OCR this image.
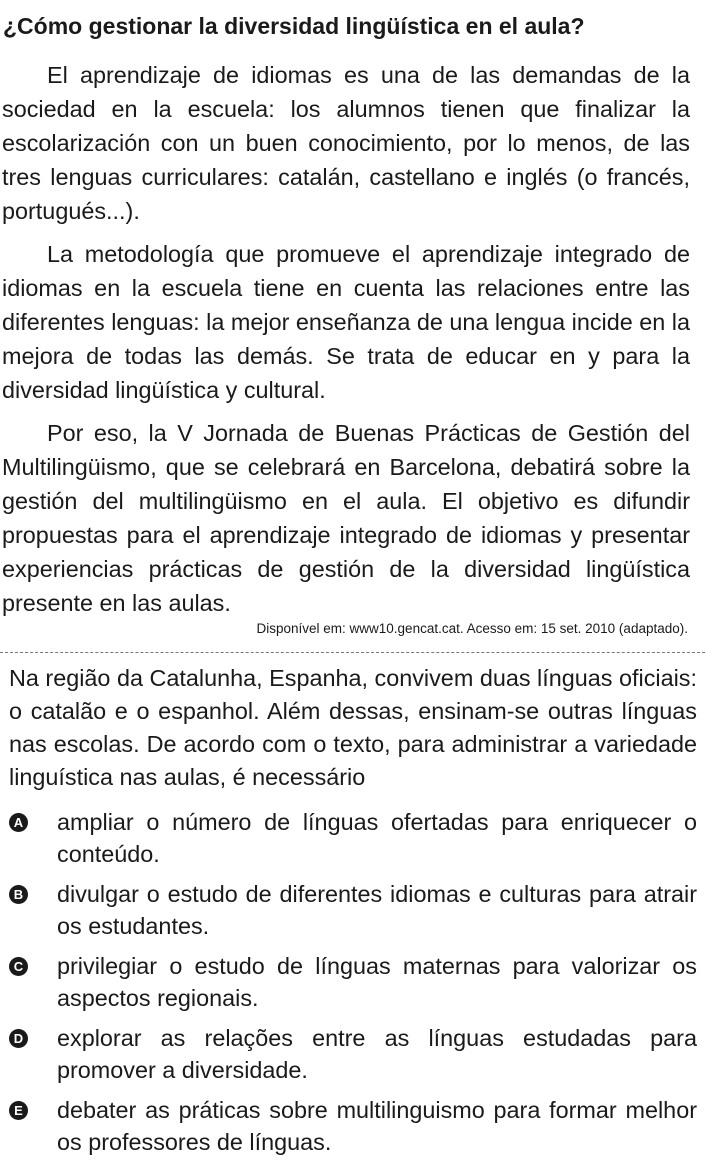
¿Cómo gestionar la diversidad lingüística en el aula?

El aprendizaje de idiomas es una de las demandas de la sociedad en la escuela: los alumnos tienen que finalizar la escolarización con un buen conocimiento, por lo menos, de las tres lenguas curriculares: catalán, castellano e inglés (o francés, portugués...).

La metodología que promueve el aprendizaje integrado de idiomas en la escuela tiene en cuenta las relaciones entre las diferentes lenguas: la mejor enseñanza de una lengua incide en la mejora de todas las demás. Se trata de educar en y para la diversidad lingüística y cultural.

Por eso, la V Jornada de Buenas Prácticas de Gestión del Multilingüismo, que se celebrará en Barcelona, debatirá sobre la gestión del multilingüismo en el aula. El objetivo es difundir propuestas para el aprendizaje integrado de idiomas y presentar experiencias prácticas de gestión de la diversidad lingüística presente en las aulas.

Disponível em: www10.gencat.cat. Acesso em: 15 set. 2010 (adaptado).

Na região da Catalunha, Espanha, convivem duas línguas oficiais: o catalão e o espanhol. Além dessas, ensinam-se outras línguas nas escolas. De acordo com o texto, para administrar a variedade linguística nas aulas, é necessário

A ampliar o número de línguas ofertadas para enriquecer o conteúdo.
B divulgar o estudo de diferentes idiomas e culturas para atrair os estudantes.
C privilegiar o estudo de línguas maternas para valorizar os aspectos regionais.
D explorar as relações entre as línguas estudadas para promover a diversidade.
E debater as práticas sobre multilinguismo para formar melhor os professores de línguas.
